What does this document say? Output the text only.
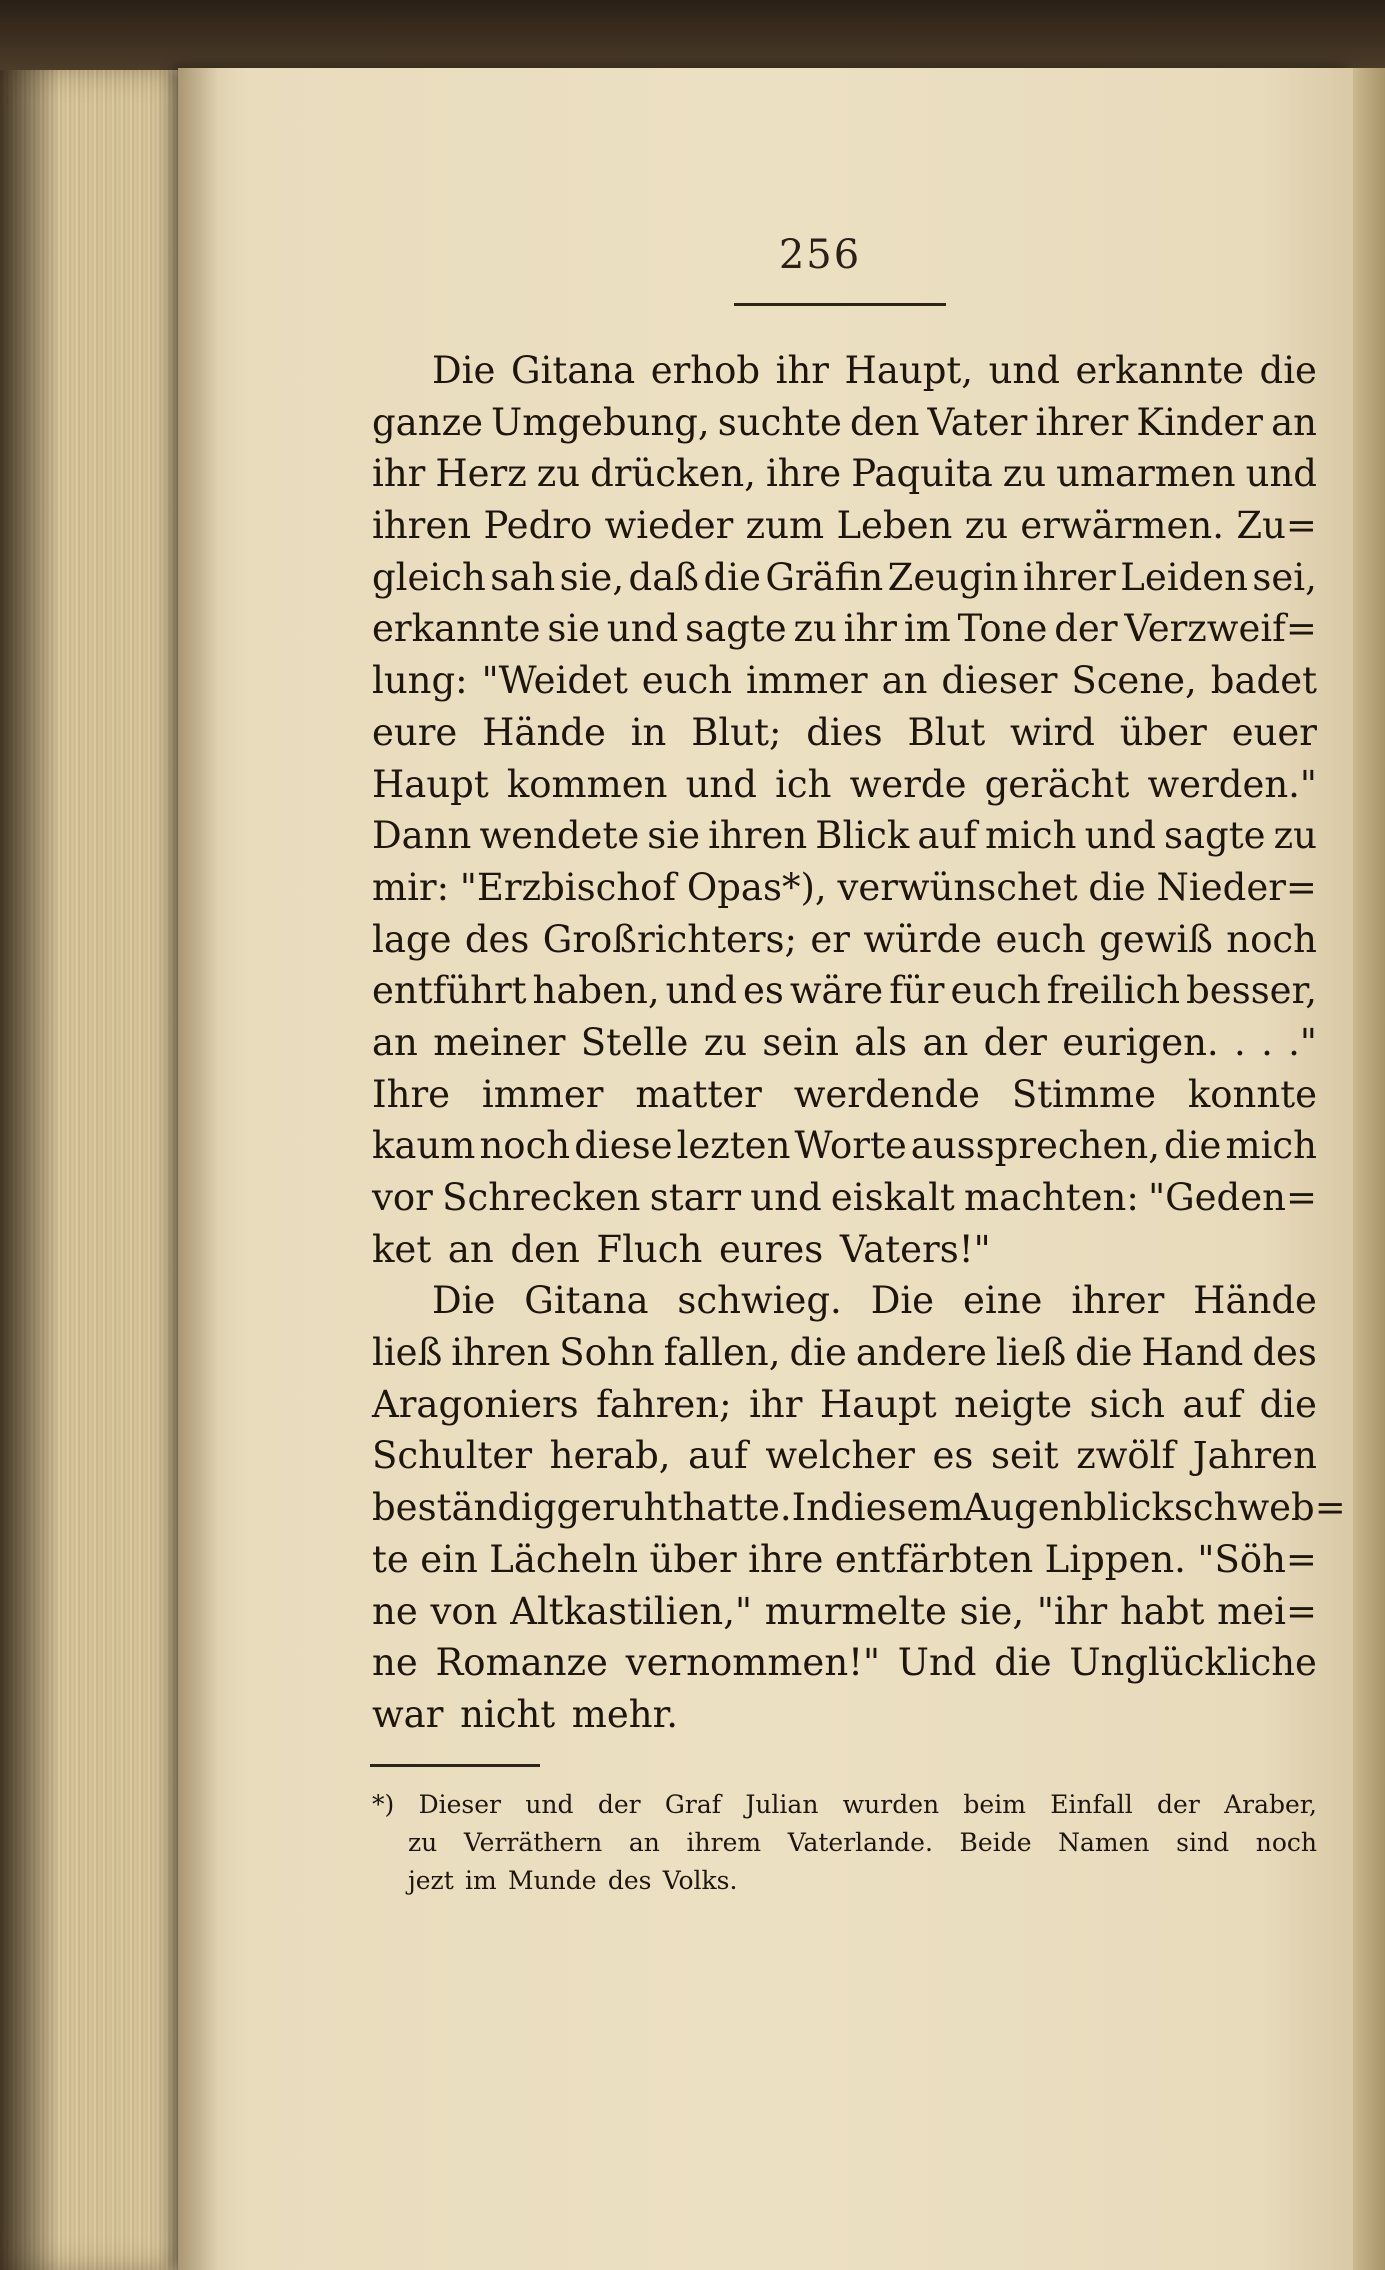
256
Die Gitana erhob ihr Haupt, und erkannte die
ganze Umgebung, suchte den Vater ihrer Kinder an
ihr Herz zu drücken, ihre Paquita zu umarmen und
ihren Pedro wieder zum Leben zu erwärmen. Zu=
gleich sah sie, daß die Gräfin Zeugin ihrer Leiden sei,
erkannte sie und sagte zu ihr im Tone der Verzweif=
lung: "Weidet euch immer an dieser Scene, badet
eure Hände in Blut; dies Blut wird über euer
Haupt kommen und ich werde gerächt werden."
Dann wendete sie ihren Blick auf mich und sagte zu
mir: "Erzbischof Opas*), verwünschet die Nieder=
lage des Großrichters; er würde euch gewiß noch
entführt haben, und es wäre für euch freilich besser,
an meiner Stelle zu sein als an der eurigen. . . ."
Ihre immer matter werdende Stimme konnte
kaum noch diese lezten Worte aussprechen, die mich
vor Schrecken starr und eiskalt machten: "Geden=
ket an den Fluch eures Vaters!"
Die Gitana schwieg. Die eine ihrer Hände
ließ ihren Sohn fallen, die andere ließ die Hand des
Aragoniers fahren; ihr Haupt neigte sich auf die
Schulter herab, auf welcher es seit zwölf Jahren
beständig geruht hatte. In diesem Augenblick schweb=
te ein Lächeln über ihre entfärbten Lippen. "Söh=
ne von Altkastilien," murmelte sie, "ihr habt mei=
ne Romanze vernommen!" Und die Unglückliche
war nicht mehr.
*) Dieser und der Graf Julian wurden beim Einfall der Araber,
zu Verräthern an ihrem Vaterlande. Beide Namen sind noch
jezt im Munde des Volks.
